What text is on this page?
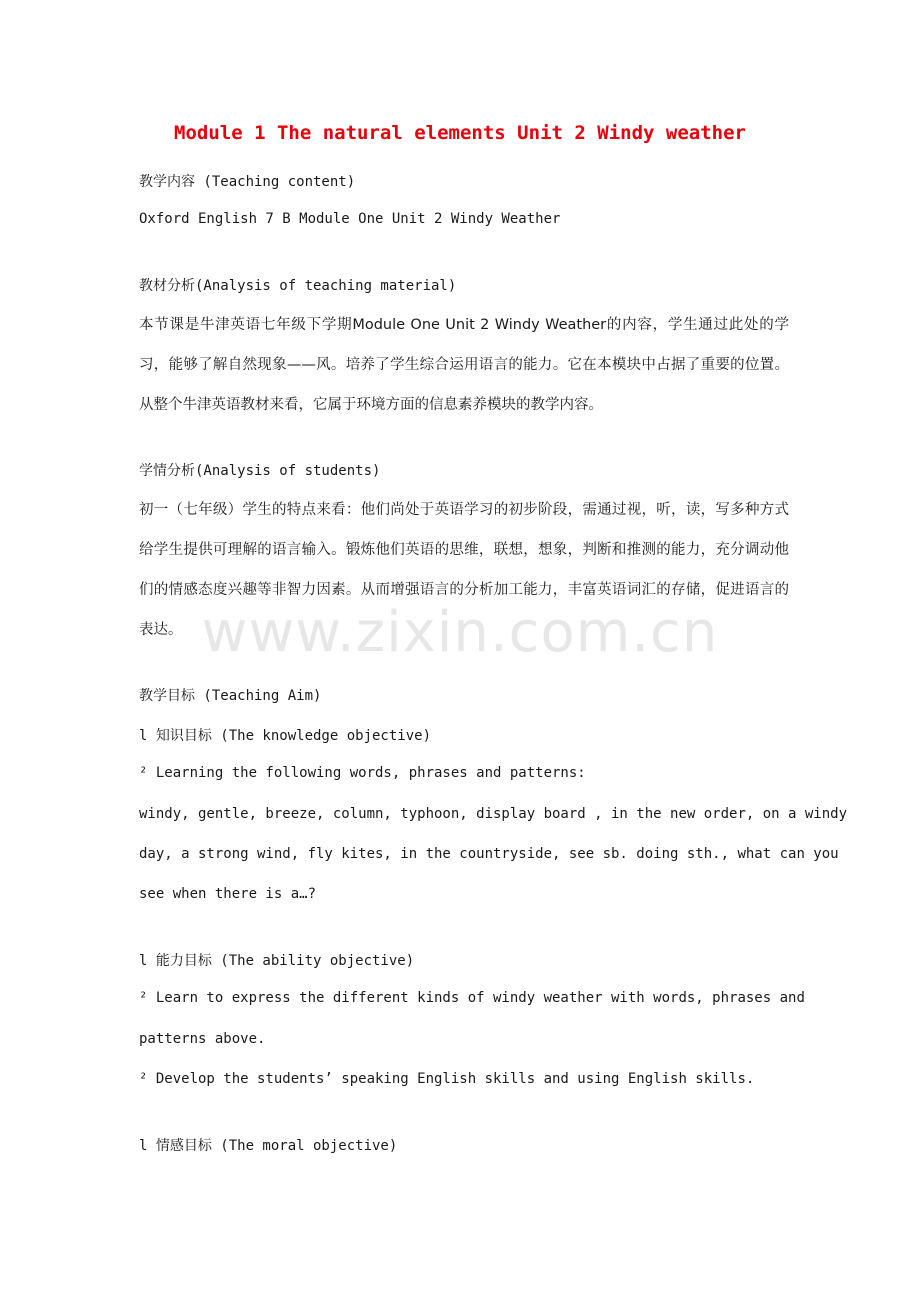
www.zixin.com.cn
Module 1 The natural elements Unit 2 Windy weather
教学内容 (Teaching content)
Oxford English 7 B Module One Unit 2 Windy Weather
教材分析(Analysis of teaching material)
本节课是牛津英语七年级下学期Module One Unit 2 Windy Weather的内容，学生通过此处的学习，能够了解自然现象——风。培养了学生综合运用语言的能力。它在本模块中占据了重要的位置。从整个牛津英语教材来看，它属于环境方面的信息素养模块的教学内容。
学情分析(Analysis of students)
初一（七年级）学生的特点来看：他们尚处于英语学习的初步阶段，需通过视，听，读，写多种方式给学生提供可理解的语言输入。锻炼他们英语的思维，联想，想象，判断和推测的能力，充分调动他们的情感态度兴趣等非智力因素。从而增强语言的分析加工能力，丰富英语词汇的存储，促进语言的表达。
教学目标 (Teaching Aim)
l 知识目标 (The knowledge objective)
² Learning the following words, phrases and patterns:
windy, gentle, breeze, column, typhoon, display board , in the new order, on a windy
day, a strong wind, fly kites, in the countryside, see sb. doing sth., what can you
see when there is a…?
l 能力目标 (The ability objective)
² Learn to express the different kinds of windy weather with words, phrases and
patterns above.
² Develop the students’ speaking English skills and using English skills.
l 情感目标 (The moral objective)
